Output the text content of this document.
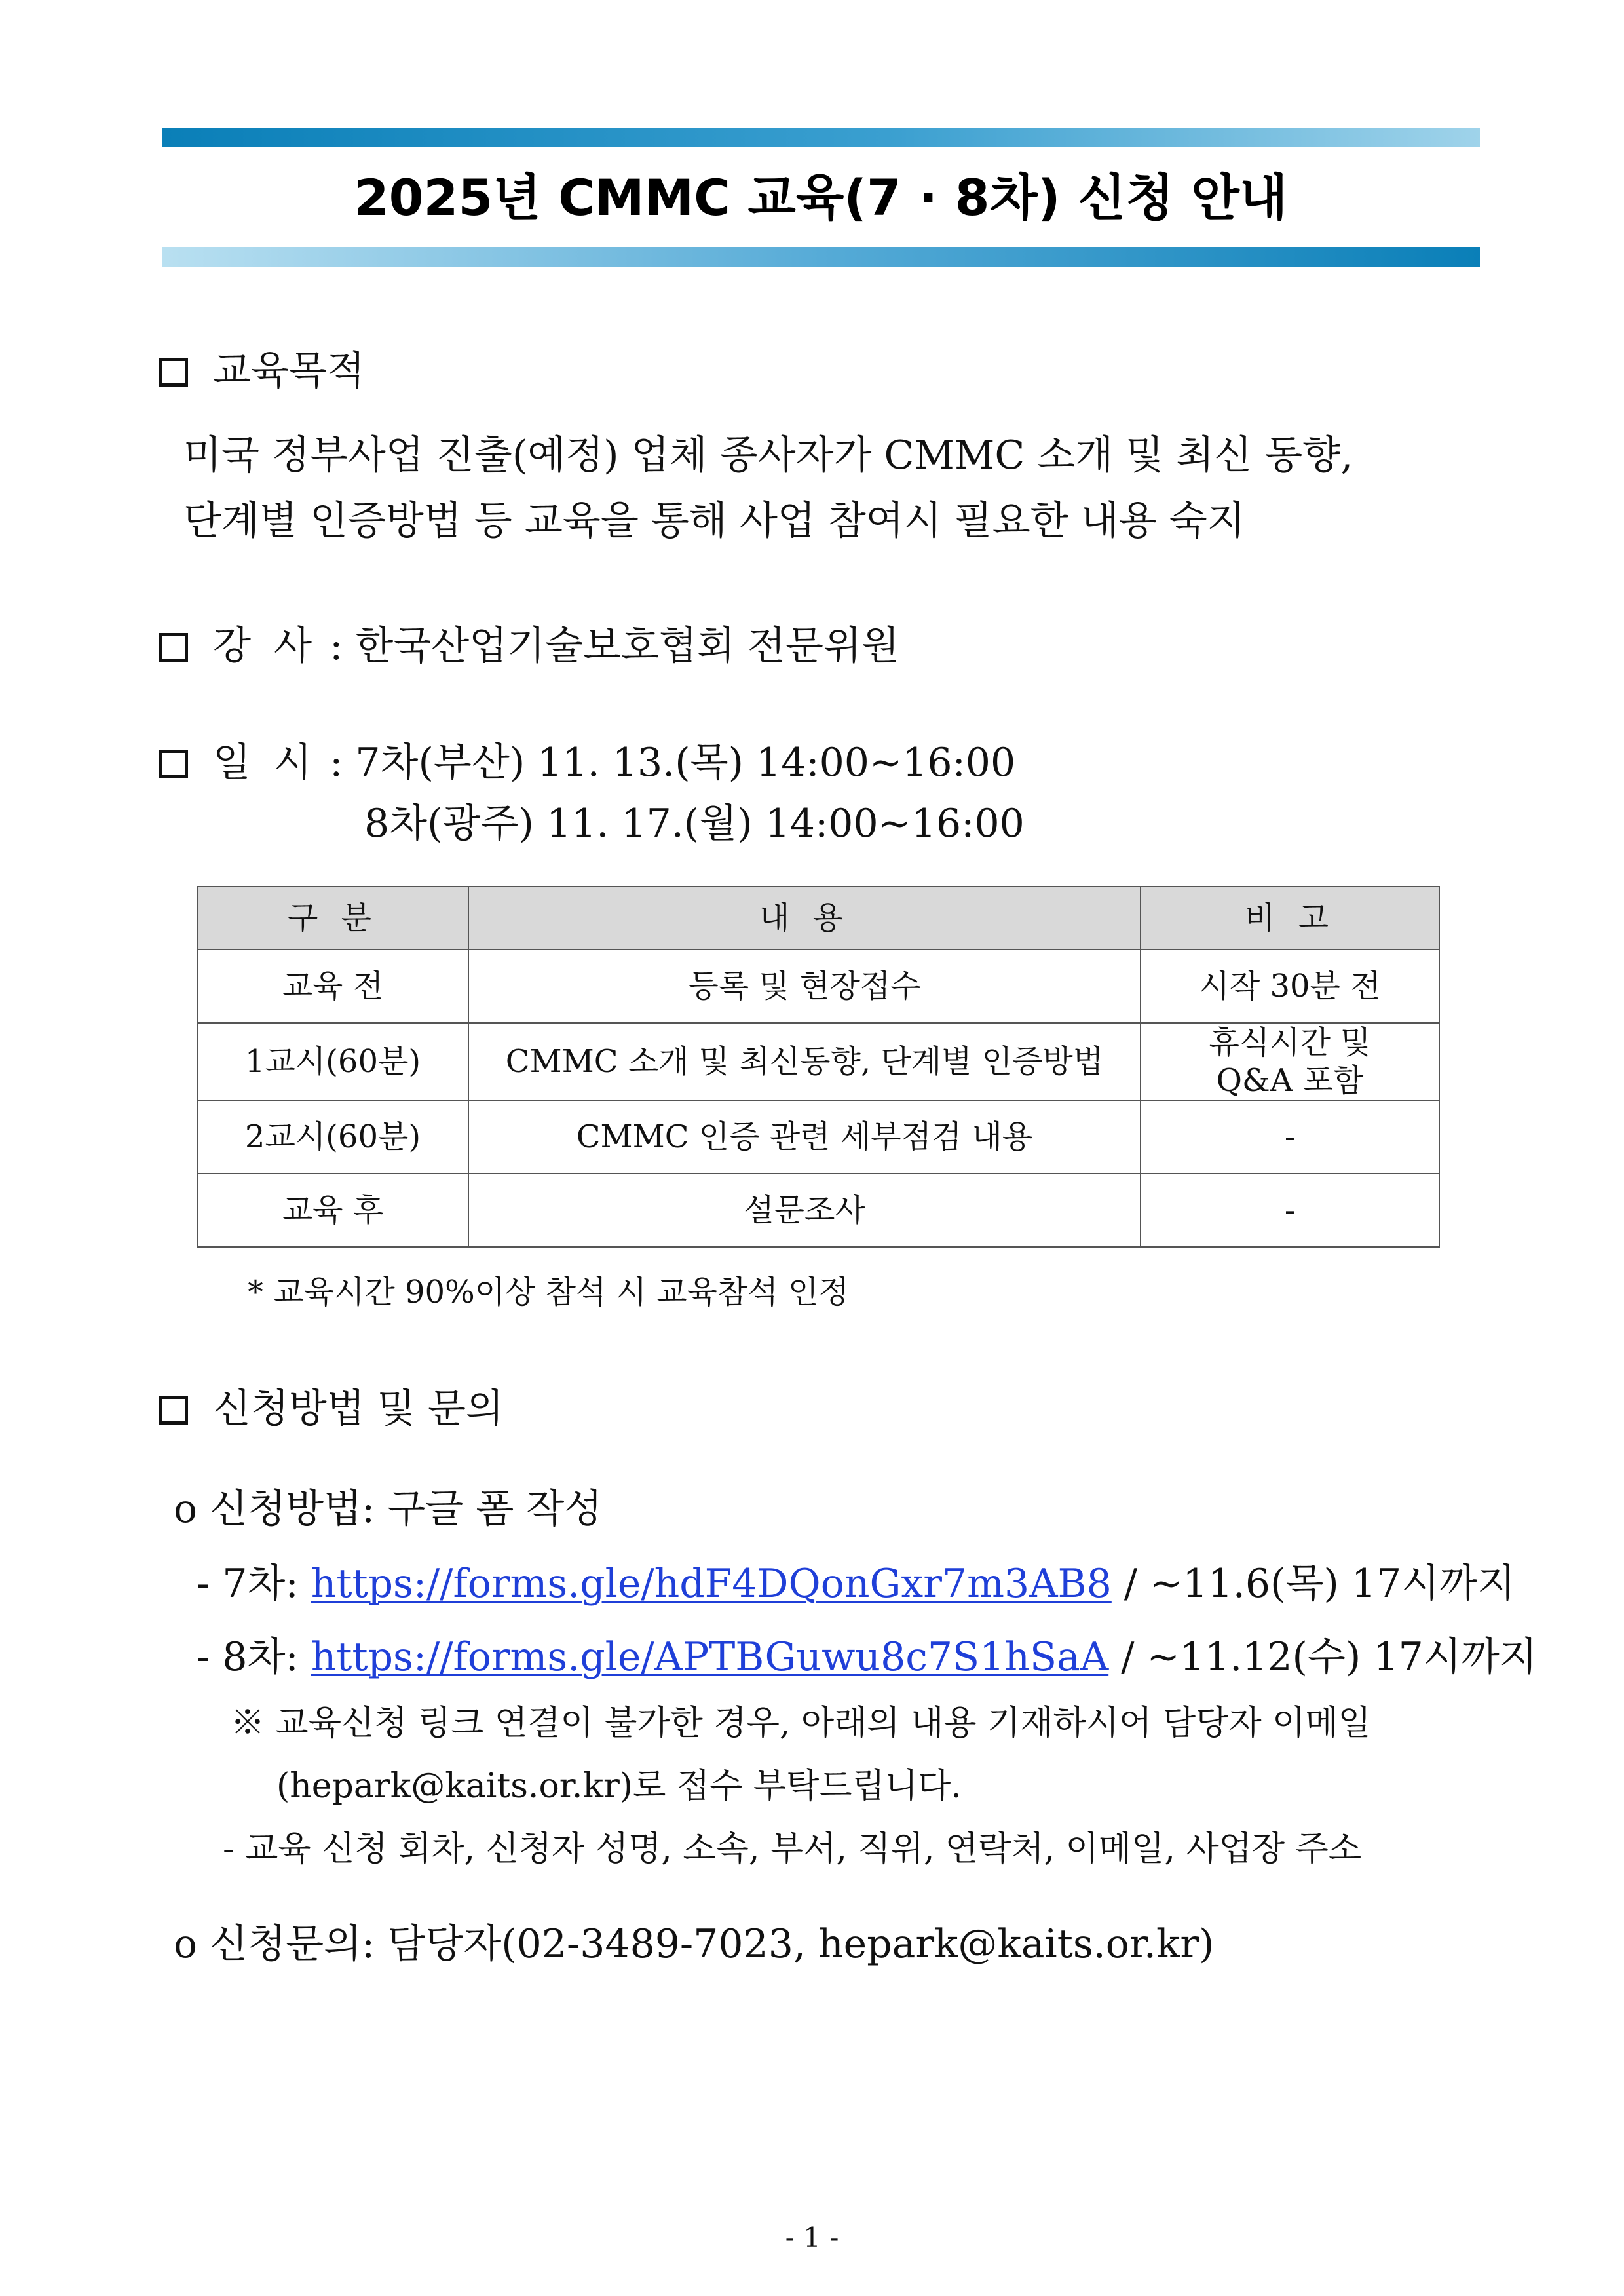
2025년 CMMC 교육(7 · 8차) 신청 안내
교육목적
미국 정부사업 진출(예정) 업체 종사자가 CMMC 소개 및 최신 동향,
단계별 인증방법 등 교육을 통해 사업 참여시 필요한 내용 숙지
강 사 : 한국산업기술보호협회 전문위원
일 시 : 7차(부산) 11. 13.(목) 14:00~16:00
8차(광주) 11. 17.(월) 14:00~16:00
구 분	내 용	비 고
교육 전	등록 및 현장접수	시작 30분 전
1교시(60분)	CMMC 소개 및 최신동향, 단계별 인증방법	휴식시간 및
Q&A 포함
2교시(60분)	CMMC 인증 관련 세부점검 내용	-
교육 후	설문조사	-
* 교육시간 90%이상 참석 시 교육참석 인정
신청방법 및 문의
o 신청방법: 구글 폼 작성
- 7차: https://forms.gle/hdF4DQonGxr7m3AB8 / ~11.6(목) 17시까지
- 8차: https://forms.gle/APTBGuwu8c7S1hSaA / ~11.12(수) 17시까지
※ 교육신청 링크 연결이 불가한 경우, 아래의 내용 기재하시어 담당자 이메일
(hepark@kaits.or.kr)로 접수 부탁드립니다.
- 교육 신청 회차, 신청자 성명, 소속, 부서, 직위, 연락처, 이메일, 사업장 주소
o 신청문의: 담당자(02-3489-7023, hepark@kaits.or.kr)
- 1 -
